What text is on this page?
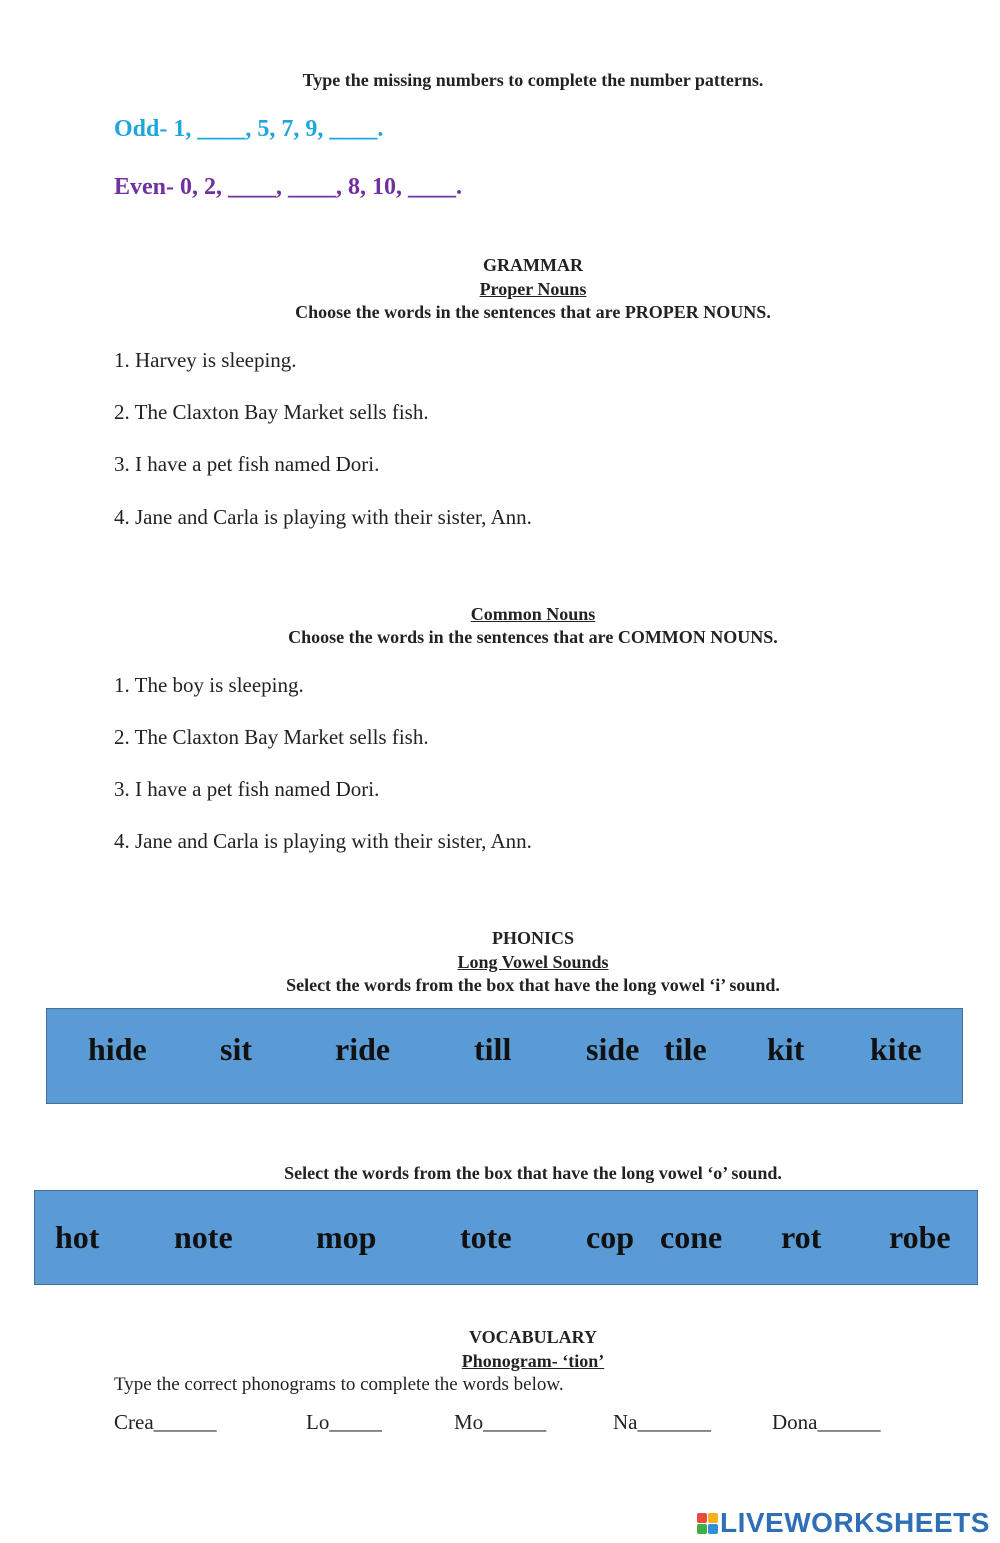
Type the missing numbers to complete the number patterns.
Odd- 1, ____, 5, 7, 9, ____.
Even- 0, 2, ____, ____, 8, 10, ____.
GRAMMAR
Proper Nouns
Choose the words in the sentences that are PROPER NOUNS.
1. Harvey is sleeping.
2. The Claxton Bay Market sells fish.
3. I have a pet fish named Dori.
4. Jane and Carla is playing with their sister, Ann.
Common Nouns
Choose the words in the sentences that are COMMON NOUNS.
1. The boy is sleeping.
2. The Claxton Bay Market sells fish.
3. I have a pet fish named Dori.
4. Jane and Carla is playing with their sister, Ann.
PHONICS
Long Vowel Sounds
Select the words from the box that have the long vowel ‘i’ sound.
hide sit	ride	till side tile kit kite
Select the words from the box that have the long vowel ‘o’ sound.
hot note	mop	tote cop cone rot robe
VOCABULARY
Phonogram- ‘tion’
Type the correct phonograms to complete the words below.
Crea______	Lo_____	Mo______	Na_______	Dona______
LIVEWORKSHEETS
